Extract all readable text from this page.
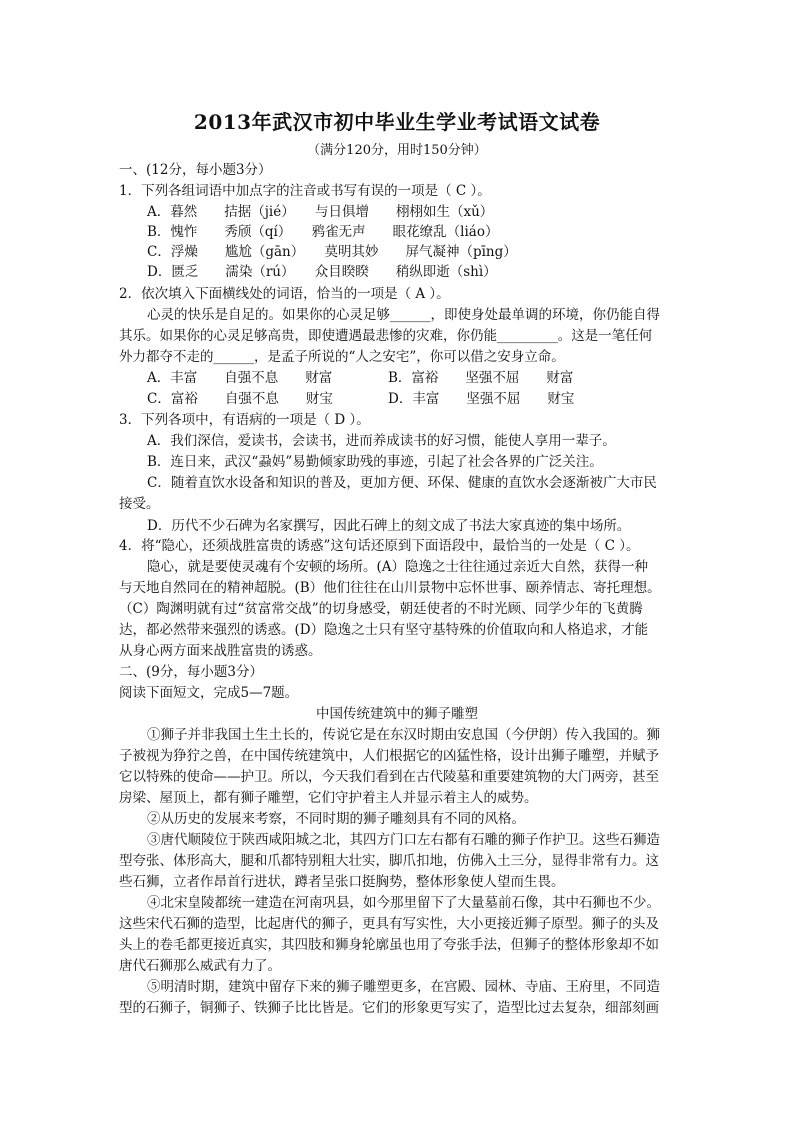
2013年武汉市初中毕业生学业考试语文试卷
（满分120分，用时150分钟）
一、(12分，每小题3分）
1．下列各组词语中加点字的注音或书写有误的一项是（ C ）。
A．暮然　　拮据（jié）　　与日俱增　　栩栩如生（xǔ）
B．愧怍　　秀颀（qí）　　鸦雀无声　　眼花缭乱（liáo）
C．浮燥　　尴尬（gān）　　莫明其妙　　屏气凝神（pīng）
D．匮乏　　濡染（rú）　　众目睽睽　　稍纵即逝（shì）
2．依次填入下面横线处的词语，恰当的一项是（ A ）。
心灵的快乐是自足的。如果你的心灵足够______，即使身处最单调的环境，你仍能自得
其乐。如果你的心灵足够高贵，即使遭遇最悲惨的灾难，你仍能_________。这是一笔任何
外力都夺不走的______，是孟子所说的“人之安宅”，你可以借之安身立命。
A．丰富　　自强不息　　财富	B．富裕　　坚强不屈　　财富
C．富裕　　自强不息　　财宝	D．丰富　　坚强不屈　　财宝
3．下列各项中，有语病的一项是（ D ）。
A．我们深信，爱读书，会读书，进而养成读书的好习惯，能使人享用一辈子。
B．连日来，武汉“蝨妈”易勤倾家助残的事迹，引起了社会各界的广泛关注。
C．随着直饮水设备和知识的普及，更加方便、环保、健康的直饮水会逐渐被广大市民
接受。
D．历代不少石碑为名家撰写，因此石碑上的刻文成了书法大家真迹的集中场所。
4．将“隐心，还须战胜富贵的诱惑”这句话还原到下面语段中，最恰当的一处是（ C ）。
隐心，就是要使灵魂有个安顿的场所。(A）隐逸之士往往通过亲近大自然，获得一种
与天地自然同在的精神超脱。(B）他们往往在山川景物中忘怀世事、颐养情志、寄托理想。
（C）陶渊明就有过“贫富常交战”的切身感受，朝廷使者的不时光顾、同学少年的飞黄腾
达，都必然带来强烈的诱惑。(D）隐逸之士只有坚守基特殊的价值取向和人格追求，才能
从身心两方面来战胜富贵的诱惑。
二、(9分，每小题3分）
阅读下面短文，完成5—7题。
中国传统建筑中的狮子雕塑
①狮子并非我国土生土长的，传说它是在东汉时期由安息国（今伊朗）传入我国的。狮
子被视为狰狞之兽，在中国传统建筑中，人们根据它的凶猛性格，设计出狮子雕塑，并赋予
它以特殊的使命——护卫。所以，今天我们看到在古代陵墓和重要建筑物的大门两旁，甚至
房梁、屋顶上，都有狮子雕塑，它们守护着主人并显示着主人的威势。
②从历史的发展来考察，不同时期的狮子雕刻具有不同的风格。
③唐代顺陵位于陕西咸阳城之北，其四方门口左右都有石雕的狮子作护卫。这些石狮造
型夸张、体形高大，腿和爪都特别粗大壮实，脚爪扣地，仿佛入土三分，显得非常有力。这
些石狮，立者作昂首行进状，蹲者呈张口挺胸势，整体形象使人望而生畏。
④北宋皇陵都统一建造在河南巩县，如今那里留下了大量墓前石像，其中石狮也不少。
这些宋代石狮的造型，比起唐代的狮子，更具有写实性，大小更接近狮子原型。狮子的头及
头上的卷毛都更接近真实，其四肢和狮身轮廓虽也用了夸张手法，但狮子的整体形象却不如
唐代石狮那么威武有力了。
⑤明清时期，建筑中留存下来的狮子雕塑更多，在宫殿、园林、寺庙、王府里，不同造
型的石狮子，铜狮子、铁狮子比比皆是。它们的形象更写实了，造型比过去复杂，细部刻画
